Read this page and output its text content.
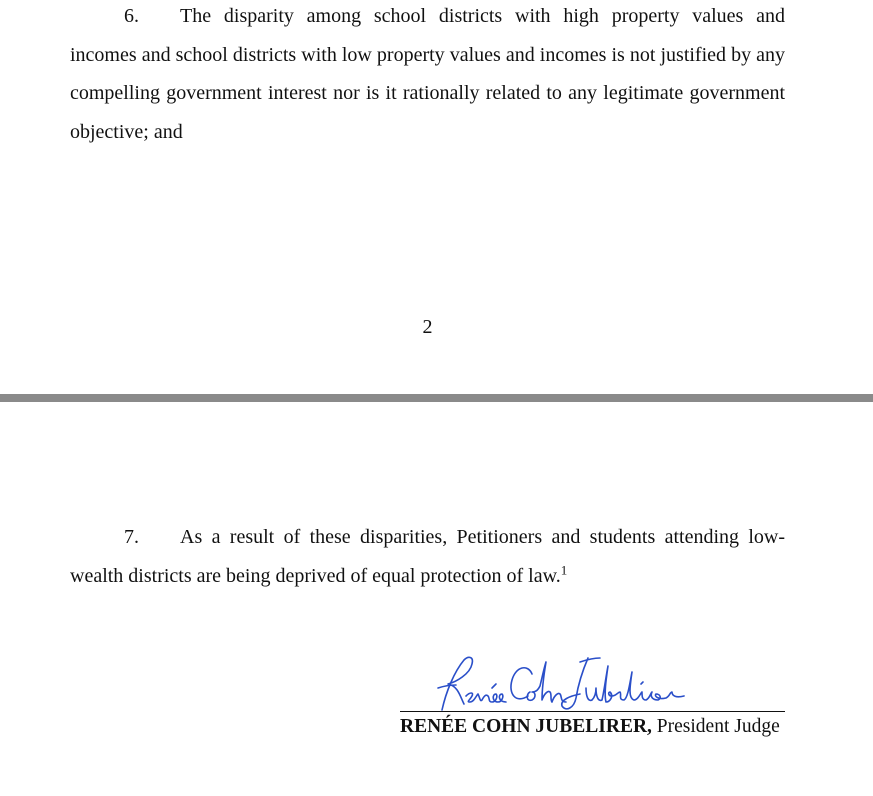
6. The disparity among school districts with high property values and incomes and school districts with low property values and incomes is not justified by any compelling government interest nor is it rationally related to any legitimate government objective; and

2

7. As a result of these disparities, Petitioners and students attending low-wealth districts are being deprived of equal protection of law.$^1$

RENÉE COHN JUBELIRER, President Judge
